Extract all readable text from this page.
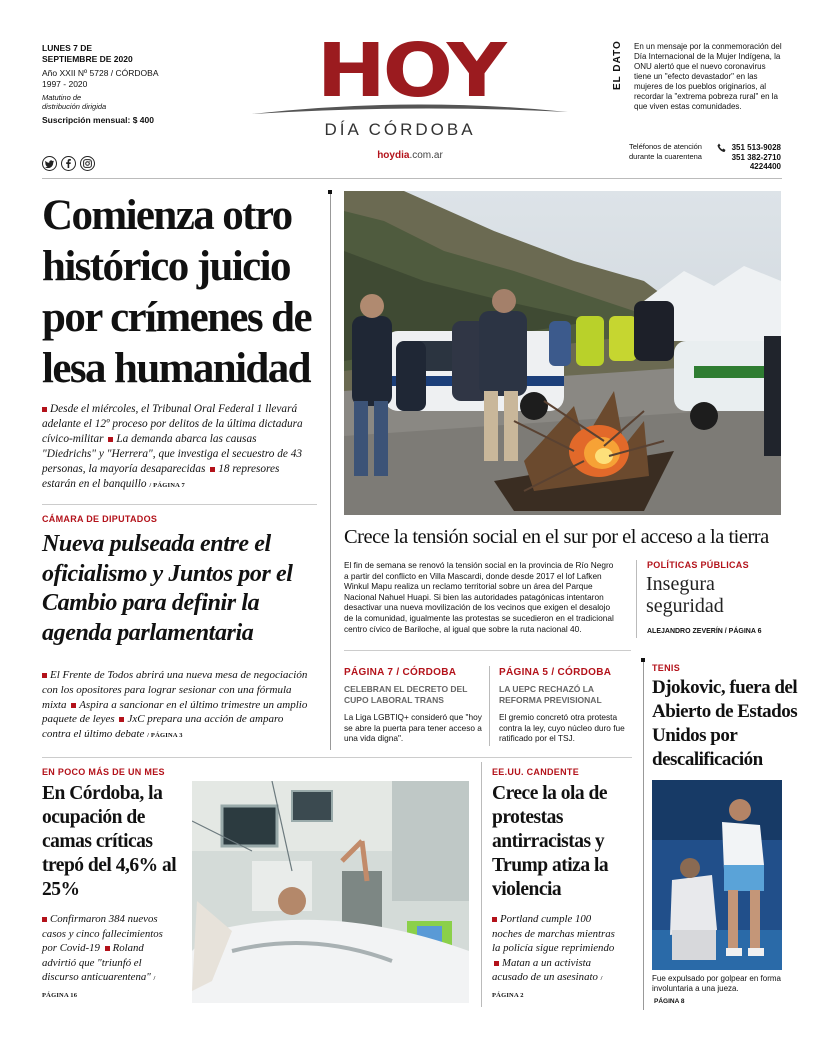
LUNES 7 DE
SEPTIEMBRE DE 2020
Año XXII Nº 5728 / CÓRDOBA
1997 - 2020
Matutino de
distribución dirigida
Suscripción mensual: $ 400
HOY
DÍA CÓRDOBA
hoydia.com.ar
EL DATO En un mensaje por la conmemoración del Día Internacional de la Mujer Indígena, la ONU alertó que el nuevo coronavirus tiene un "efecto devastador" en las mujeres de los pueblos originarios, al recordar la "extrema pobreza rural" en la que viven estas comunidades.

Teléfonos de atención
durante la cuarentena
351 513-9028
351 382-2710
4224400
Comienza otro histórico juicio por crímenes de lesa humanidad
Desde el miércoles, el Tribunal Oral Federal 1 llevará adelante el 12º proceso por delitos de la última dictadura cívico-militar La demanda abarca las causas "Diedrichs" y "Herrera", que investiga el secuestro de 43 personas, la mayoría desaparecidas 18 represores estarán en el banquillo / PÁGINA 7
CÁMARA DE DIPUTADOS
Nueva pulseada entre el oficialismo y Juntos por el Cambio para definir la agenda parlamentaria
El Frente de Todos abrirá una nueva mesa de negociación con los opositores para lograr sesionar con una fórmula mixta Aspira a sancionar en el último trimestre un amplio paquete de leyes JxC prepara una acción de amparo contra el último debate / PÁGINA 3
Crece la tensión social en el sur por el acceso a la tierra

El fin de semana se renovó la tensión social en la provincia de Río Negro a partir del conflicto en Villa Mascardi, donde desde 2017 el lof Lafken Winkul Mapu realiza un reclamo territorial sobre un área del Parque Nacional Nahuel Huapi. Si bien las autoridades patagónicas intentaron desactivar una nueva movilización de los vecinos que exigen el desalojo de la comunidad, igualmente las protestas se sucedieron en el tradicional centro cívico de Bariloche, al igual que sobre la ruta nacional 40.

POLÍTICAS PÚBLICAS
Insegura
seguridad
ALEJANDRO ZEVERÍN / PÁGINA 6
PÁGINA 7 / CÓRDOBA
CELEBRAN EL DECRETO DEL CUPO LABORAL TRANS

La Liga LGBTIQ+ consideró que "hoy se abre la puerta para tener acceso a una vida digna".

PÁGINA 5 / CÓRDOBA
LA UEPC RECHAZÓ LA REFORMA PREVISIONAL

El gremio concretó otra protesta contra la ley, cuyo núcleo duro fue ratificado por el TSJ.

TENIS
Djokovic, fuera del Abierto de Estados Unidos por descalificación

Fue expulsado por golpear en forma involuntaria a una jueza.

PÁGINA 8
EN POCO MÁS DE UN MES
En Córdoba, la ocupación de camas críticas trepó del 4,6% al 25%
Confirmaron 384 nuevos casos y cinco fallecimientos por Covid-19 Roland advirtió que "triunfó el discurso anticuarentena" / PÁGINA 16
EE.UU. CANDENTE
Crece la ola de protestas antirracistas y Trump atiza la violencia
Portland cumple 100 noches de marchas mientras la policía sigue reprimiendo Matan a un activista acusado de un asesinato / PÁGINA 2
